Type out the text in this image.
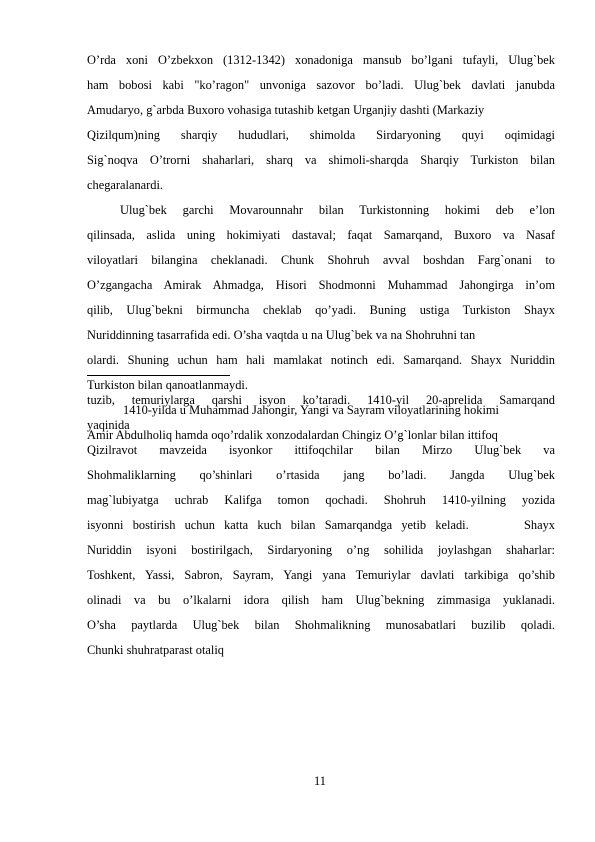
O’rda xoni O’zbekxon (1312-1342) xonadoniga mansub bo’lgani tufayli, Ulug`bek
ham bobosi kabi "ko’ragon" unvoniga sazovor bo’ladi. Ulug`bek davlati janubda
Amudaryo, g`arbda Buxoro vohasiga tutashib ketgan Urganjiy dashti (Markaziy
Qizilqum)ning sharqiy hududlari, shimolda Sirdaryoning quyi oqimidagi
Sig`noqva O’trorni shaharlari, sharq va shimoli-sharqda Sharqiy Turkiston bilan
chegaralanardi.
Ulug`bek garchi Movarounnahr bilan Turkistonning hokimi deb e’lon
qilinsada, aslida uning hokimiyati dastaval; faqat Samarqand, Buxoro va Nasaf
viloyatlari bilangina cheklanadi. Chunk Shohruh avval boshdan Farg`onani to
O’zgangacha Amirak Ahmadga, Hisori Shodmonni Muhammad Jahongirga in’om
qilib, Ulug`bekni birmuncha cheklab qo’yadi. Buning ustiga Turkiston Shayx
Nuriddinning tasarrafida edi. O’sha vaqtda u na Ulug`bek va na Shohruhni tan
olardi. Shuning uchun ham hali mamlakat notinch edi. Samarqand. Shayx Nuriddin
Turkiston bilan qanoatlanmaydi.
1410-yilda u Muhammad Jahongir, Yangi va Sayram viloyatlarining hokimi
Amir Abdulholiq hamda oqo’rdalik xonzodalardan Chingiz O’g`lonlar bilan ittifoq
tuzib, temuriylarga qarshi isyon ko’taradi. 1410-yil 20-aprelida Samarqand
yaqinida
Qizilravot mavzeida isyonkor ittifoqchilar bilan Mirzo Ulug`bek va
Shohmaliklarning qo’shinlari o’rtasida jang bo’ladi. Jangda Ulug`bek
mag`lubiyatga uchrab Kalifga tomon qochadi. Shohruh 1410-yilning yozida
isyonni bostirish uchun katta kuch bilan Samarqandga yetib keladi.      Shayx
Nuriddin isyoni bostirilgach, Sirdaryoning o’ng sohilida joylashgan shaharlar:
Toshkent, Yassi, Sabron, Sayram, Yangi yana Temuriylar davlati tarkibiga qo’shib
olinadi va bu o’lkalarni idora qilish ham Ulug`bekning zimmasiga yuklanadi.
O’sha paytlarda Ulug`bek bilan Shohmalikning munosabatlari buzilib qoladi.
Chunki shuhratparast otaliq
11
